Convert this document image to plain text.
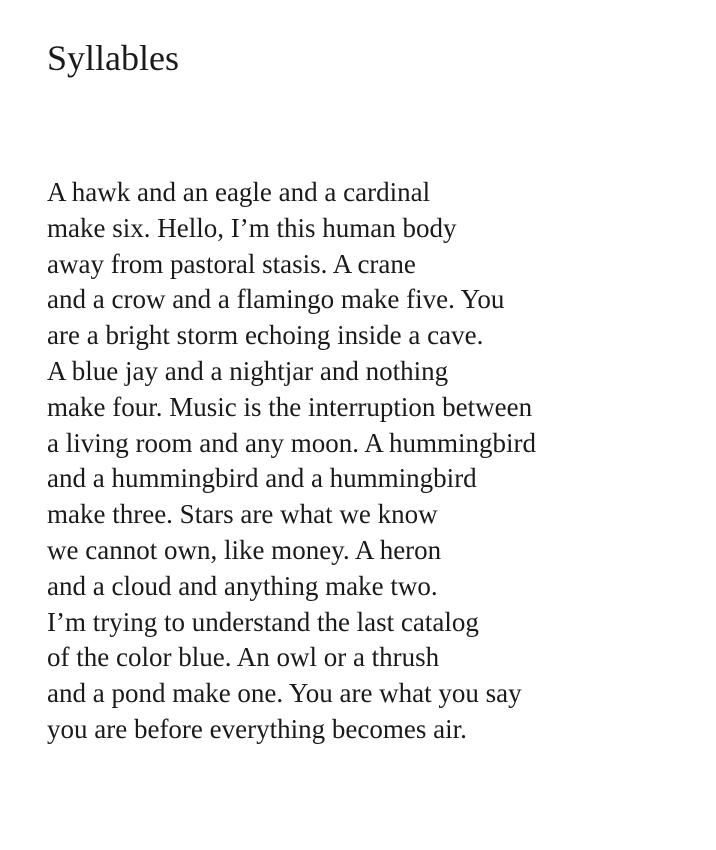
Syllables
A hawk and an eagle and a cardinal
make six. Hello, I’m this human body
away from pastoral stasis. A crane
and a crow and a flamingo make five. You
are a bright storm echoing inside a cave.
A blue jay and a nightjar and nothing
make four. Music is the interruption between
a living room and any moon. A hummingbird
and a hummingbird and a hummingbird
make three. Stars are what we know
we cannot own, like money. A heron
and a cloud and anything make two.
I’m trying to understand the last catalog
of the color blue. An owl or a thrush
and a pond make one. You are what you say
you are before everything becomes air.
